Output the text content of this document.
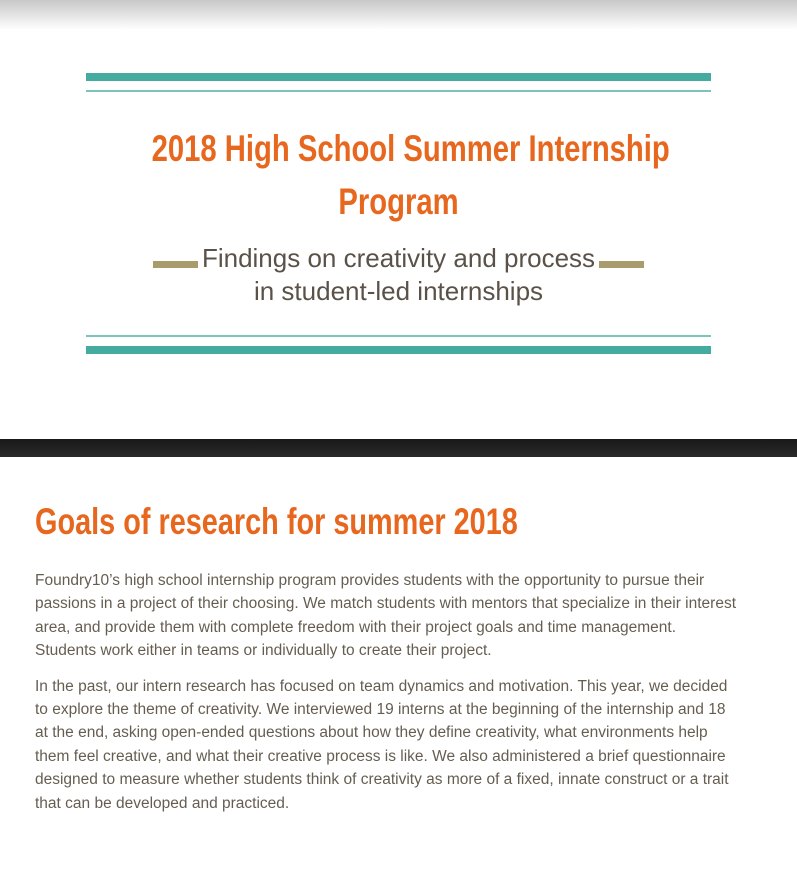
2018 High School Summer Internship
Program
Findings on creativity and process
in student-led internships
Goals of research for summer 2018

Foundry10’s high school internship program provides students with the opportunity to pursue their passions in a project of their choosing. We match students with mentors that specialize in their interest area, and provide them with complete freedom with their project goals and time management. Students work either in teams or individually to create their project.

In the past, our intern research has focused on team dynamics and motivation. This year, we decided to explore the theme of creativity. We interviewed 19 interns at the beginning of the internship and 18 at the end, asking open-ended questions about how they define creativity, what environments help them feel creative, and what their creative process is like. We also administered a brief questionnaire designed to measure whether students think of creativity as more of a fixed, innate construct or a trait that can be developed and practiced.
